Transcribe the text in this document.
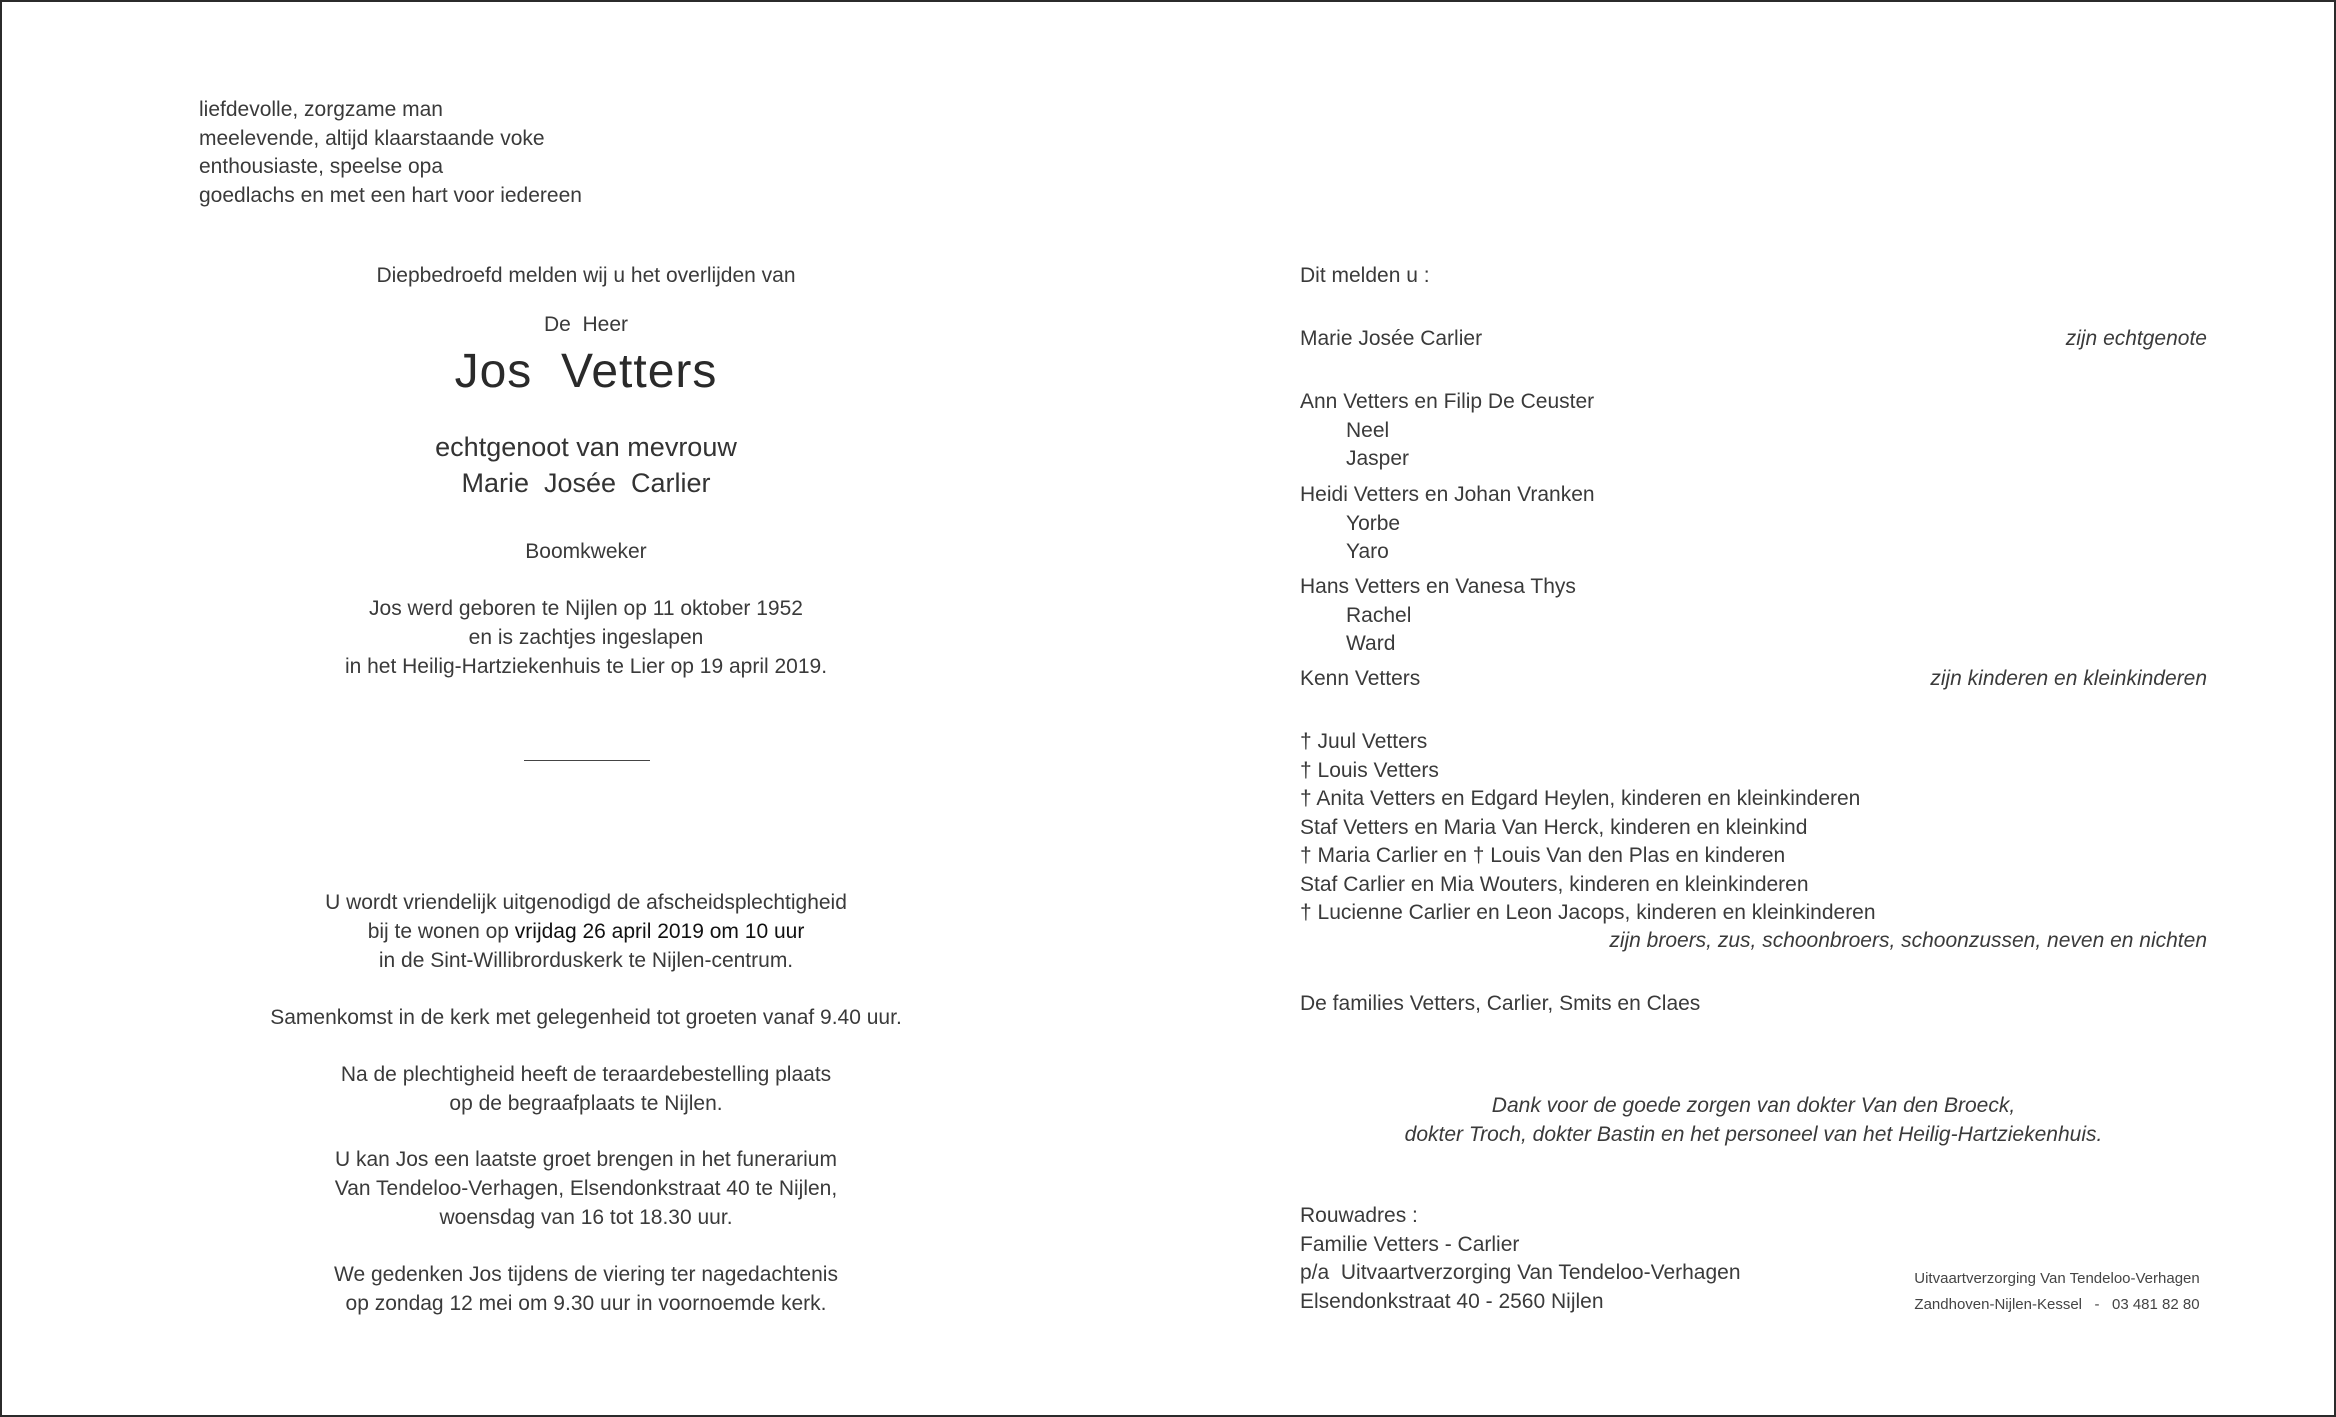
liefdevolle, zorgzame man
meelevende, altijd klaarstaande voke
enthousiaste, speelse opa
goedlachs en met een hart voor iedereen
Diepbedroefd melden wij u het overlijden van
De  Heer
Jos  Vetters
echtgenoot van mevrouw
Marie  Josée  Carlier
Boomkweker
Jos werd geboren te Nijlen op 11 oktober 1952
en is zachtjes ingeslapen
in het Heilig-Hartziekenhuis te Lier op 19 april 2019.
U wordt vriendelijk uitgenodigd de afscheidsplechtigheid
bij te wonen op vrijdag 26 april 2019 om 10 uur
in de Sint-Willibrorduskerk te Nijlen-centrum.
Samenkomst in de kerk met gelegenheid tot groeten vanaf 9.40 uur.
Na de plechtigheid heeft de teraardebestelling plaats
op de begraafplaats te Nijlen.
U kan Jos een laatste groet brengen in het funerarium
Van Tendeloo-Verhagen, Elsendonkstraat 40 te Nijlen,
woensdag van 16 tot 18.30 uur.
We gedenken Jos tijdens de viering ter nagedachtenis
op zondag 12 mei om 9.30 uur in voornoemde kerk.
Dit melden u :
Marie Josée Carlier	zijn echtgenote
Ann Vetters en Filip De Ceuster
Neel
Jasper
Heidi Vetters en Johan Vranken
Yorbe
Yaro
Hans Vetters en Vanesa Thys
Rachel
Ward
Kenn Vetters	zijn kinderen en kleinkinderen
† Juul Vetters
† Louis Vetters
† Anita Vetters en Edgard Heylen, kinderen en kleinkinderen
Staf Vetters en Maria Van Herck, kinderen en kleinkind
† Maria Carlier en † Louis Van den Plas en kinderen
Staf Carlier en Mia Wouters, kinderen en kleinkinderen
† Lucienne Carlier en Leon Jacops, kinderen en kleinkinderen
zijn broers, zus, schoonbroers, schoonzussen, neven en nichten
De families Vetters, Carlier, Smits en Claes
Dank voor de goede zorgen van dokter Van den Broeck,
dokter Troch, dokter Bastin en het personeel van het Heilig-Hartziekenhuis.
Rouwadres :
Familie Vetters - Carlier
p/a  Uitvaartverzorging Van Tendeloo-Verhagen
Elsendonkstraat 40 - 2560 Nijlen
Uitvaartverzorging Van Tendeloo-Verhagen
Zandhoven-Nijlen-Kessel   -   03 481 82 80
